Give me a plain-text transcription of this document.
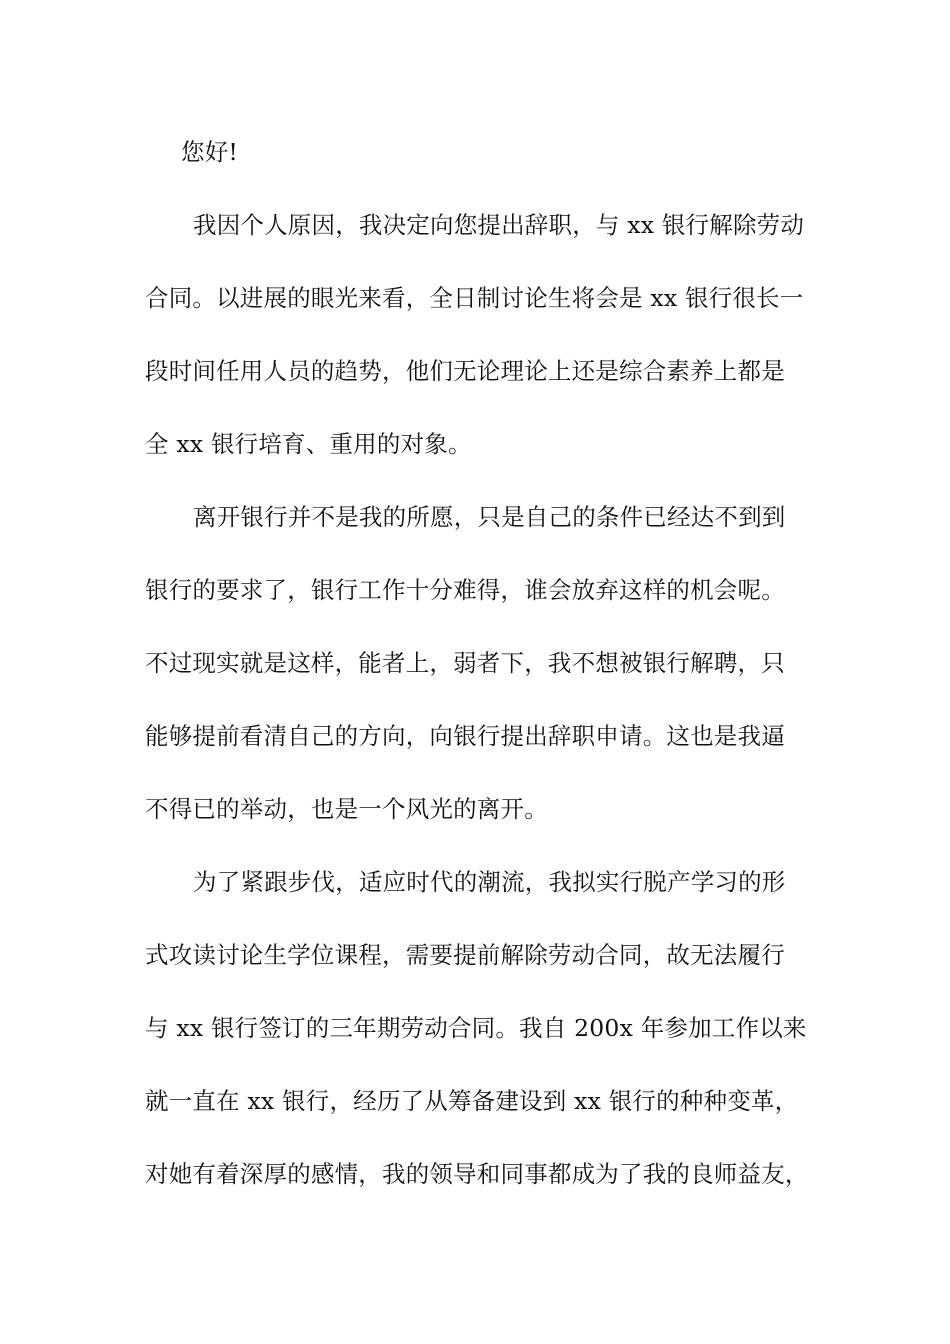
您好!
我因个人原因，我决定向您提出辞职，与 xx 银行解除劳动
合同。以进展的眼光来看，全日制讨论生将会是 xx 银行很长一
段时间任用人员的趋势，他们无论理论上还是综合素养上都是
全 xx 银行培育、重用的对象。
离开银行并不是我的所愿，只是自己的条件已经达不到到
银行的要求了，银行工作十分难得，谁会放弃这样的机会呢。
不过现实就是这样，能者上，弱者下，我不想被银行解聘，只
能够提前看清自己的方向，向银行提出辞职申请。这也是我逼
不得已的举动，也是一个风光的离开。
为了紧跟步伐，适应时代的潮流，我拟实行脱产学习的形
式攻读讨论生学位课程，需要提前解除劳动合同，故无法履行
与 xx 银行签订的三年期劳动合同。我自 200x 年参加工作以来
就一直在 xx 银行，经历了从筹备建设到 xx 银行的种种变革，
对她有着深厚的感情，我的领导和同事都成为了我的良师益友，
